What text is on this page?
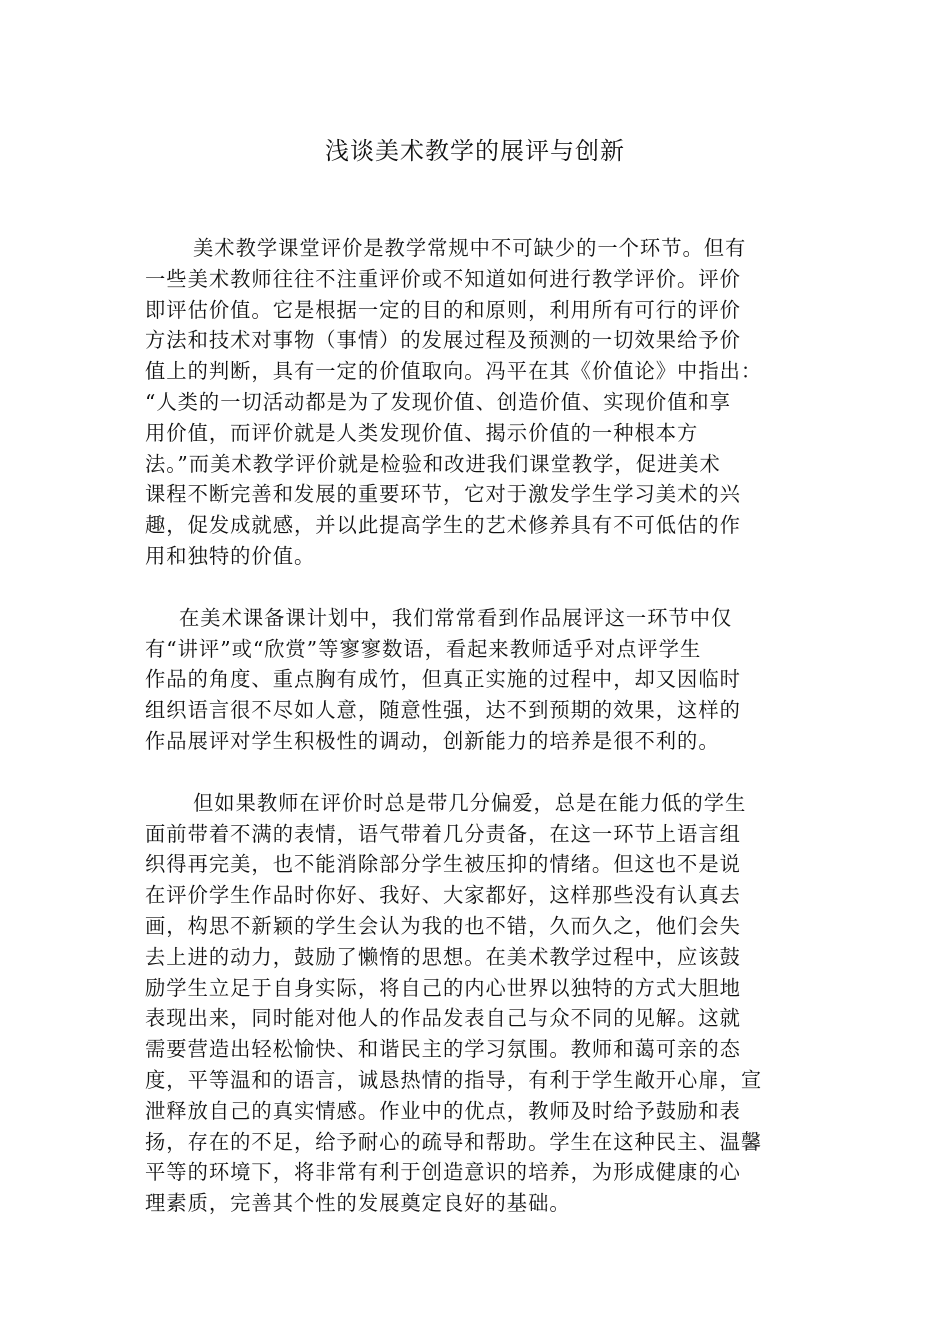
浅谈美术教学的展评与创新

美术教学课堂评价是教学常规中不可缺少的一个环节。但有
一些美术教师往往不注重评价或不知道如何进行教学评价。评价
即评估价值。它是根据一定的目的和原则，利用所有可行的评价
方法和技术对事物（事情）的发展过程及预测的一切效果给予价
值上的判断，具有一定的价值取向。冯平在其《价值论》中指出：
“人类的一切活动都是为了发现价值、创造价值、实现价值和享
用价值，而评价就是人类发现价值、揭示价值的一种根本方
法。”而美术教学评价就是检验和改进我们课堂教学，促进美术
课程不断完善和发展的重要环节，它对于激发学生学习美术的兴
趣，促发成就感，并以此提高学生的艺术修养具有不可低估的作
用和独特的价值。

在美术课备课计划中，我们常常看到作品展评这一环节中仅
有“讲评”或“欣赏”等寥寥数语，看起来教师适乎对点评学生
作品的角度、重点胸有成竹，但真正实施的过程中，却又因临时
组织语言很不尽如人意，随意性强，达不到预期的效果，这样的
作品展评对学生积极性的调动，创新能力的培养是很不利的。

但如果教师在评价时总是带几分偏爱，总是在能力低的学生
面前带着不满的表情，语气带着几分责备，在这一环节上语言组
织得再完美，也不能消除部分学生被压抑的情绪。但这也不是说
在评价学生作品时你好、我好、大家都好，这样那些没有认真去
画，构思不新颖的学生会认为我的也不错，久而久之，他们会失
去上进的动力，鼓励了懒惰的思想。在美术教学过程中，应该鼓
励学生立足于自身实际，将自己的内心世界以独特的方式大胆地
表现出来，同时能对他人的作品发表自己与众不同的见解。这就
需要营造出轻松愉快、和谐民主的学习氛围。教师和蔼可亲的态
度，平等温和的语言，诚恳热情的指导，有利于学生敞开心扉，宣
泄释放自己的真实情感。作业中的优点，教师及时给予鼓励和表
扬，存在的不足，给予耐心的疏导和帮助。学生在这种民主、温馨
平等的环境下，将非常有利于创造意识的培养，为形成健康的心
理素质，完善其个性的发展奠定良好的基础。
